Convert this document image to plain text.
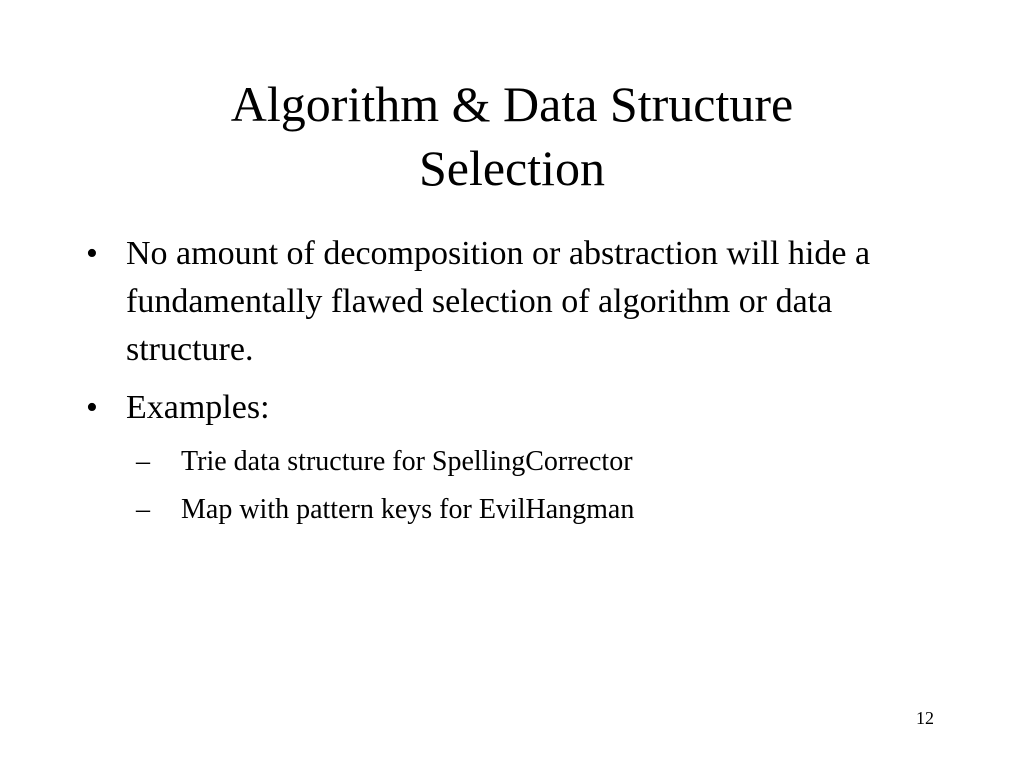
Algorithm & Data Structure
Selection
• No amount of decomposition or abstraction will hide a fundamentally flawed selection of algorithm or data structure.
• Examples:
–	Trie data structure for SpellingCorrector
–	Map with pattern keys for EvilHangman
12
